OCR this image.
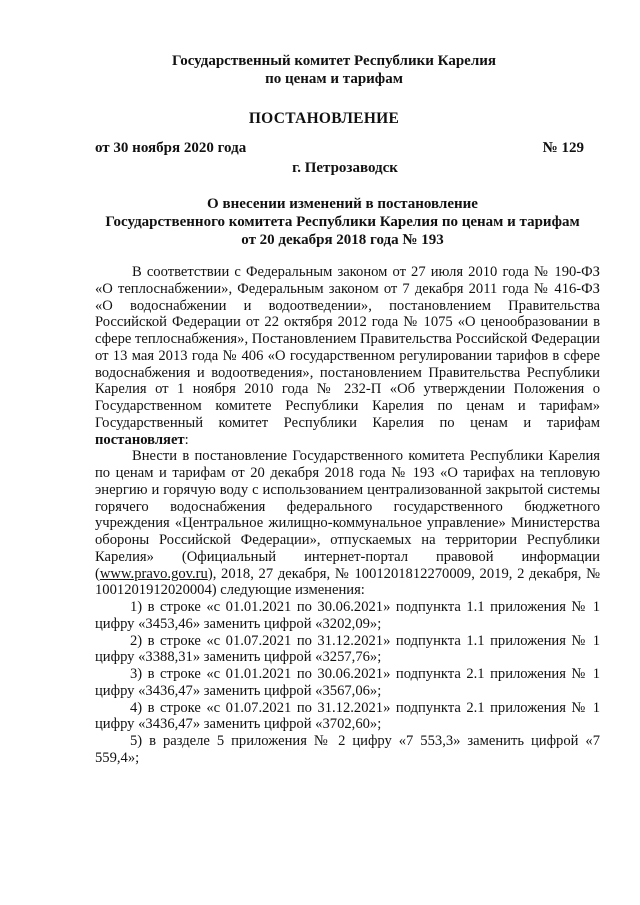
Государственный комитет Республики Карелия
по ценам и тарифам
ПОСТАНОВЛЕНИЕ
от 30 ноября 2020 года	№ 129
г. Петрозаводск
О внесении изменений в постановление
Государственного комитета Республики Карелия по ценам и тарифам
от 20 декабря 2018 года № 193

В соответствии с Федеральным законом от 27 июля 2010 года № 190-ФЗ «О теплоснабжении», Федеральным законом от 7 декабря 2011 года № 416-ФЗ «О водоснабжении и водоотведении», постановлением Правительства Российской Федерации от 22 октября 2012 года № 1075 «О ценообразовании в сфере теплоснабжения», Постановлением Правительства Российской Федерации от 13 мая 2013 года № 406 «О государственном регулировании тарифов в сфере водоснабжения и водоотведения», постановлением Правительства Республики Карелия от 1 ноября 2010 года № 232-П «Об утверждении Положения о Государственном комитете Республики Карелия по ценам и тарифам» Государственный комитет Республики Карелия по ценам и тарифам постановляет:

Внести в постановление Государственного комитета Республики Карелия по ценам и тарифам от 20 декабря 2018 года № 193 «О тарифах на тепловую энергию и горячую воду с использованием централизованной закрытой системы горячего водоснабжения федерального государственного бюджетного учреждения «Центральное жилищно-коммунальное управление» Министерства обороны Российской Федерации», отпускаемых на территории Республики Карелия» (Официальный интернет-портал правовой информации (www.pravo.gov.ru), 2018, 27 декабря, № 1001201812270009, 2019, 2 декабря, № 1001201912020004) следующие изменения:

1) в строке «с 01.01.2021 по 30.06.2021» подпункта 1.1 приложения № 1 цифру «3453,46» заменить цифрой «3202,09»;

2) в строке «с 01.07.2021 по 31.12.2021» подпункта 1.1 приложения № 1 цифру «3388,31» заменить цифрой «3257,76»;

3) в строке «с 01.01.2021 по 30.06.2021» подпункта 2.1 приложения № 1 цифру «3436,47» заменить цифрой «3567,06»;

4) в строке «с 01.07.2021 по 31.12.2021» подпункта 2.1 приложения № 1 цифру «3436,47» заменить цифрой «3702,60»;

5) в разделе 5 приложения № 2 цифру «7 553,3» заменить цифрой «7 559,4»;
